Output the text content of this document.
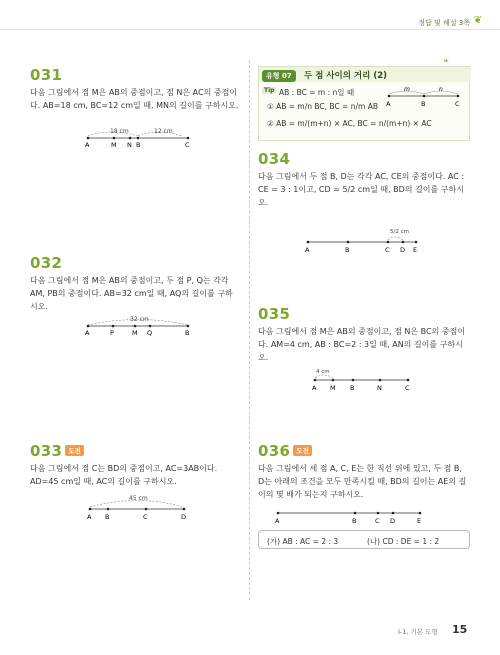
정답 및 해설 3쪽 ❦
031
다음 그림에서 점 M은 AB의 중점이고, 점 N은 AC의 중점이다. AB=18 cm, BC=12 cm일 때, MN의 길이를 구하시오.
18 cm	12 cm
A	M N B	C
032
다음 그림에서 점 M은 AB의 중점이고, 두 점 P, Q는 각각 AM, PB의 중점이다. AB=32 cm일 때, AQ의 길이를 구하시오.
32 cm
A	P	M Q	B
033 도전
다음 그림에서 점 C는 BD의 중점이고, AC=3AB이다. AD=45 cm일 때, AC의 길이를 구하시오.
45 cm
A B	C	D
❧
유형 07	두 점 사이의 거리 (2)
Tip AB : BC = m : n일 때
① AB = m/n BC, BC = n/m AB
② AB = m/(m+n) × AC, BC = n/(m+n) × AC
m	n
A	B	C
034
다음 그림에서 두 점 B, D는 각각 AC, CE의 중점이다. AC : CE = 3 : 1이고, CD = 5/2 cm일 때, BD의 길이를 구하시오.
5/2 cm
A	B	C D E
035
다음 그림에서 점 M은 AB의 중점이고, 점 N은 BC의 중점이다. AM=4 cm, AB : BC=2 : 3일 때, AN의 길이를 구하시오.
4 cm
A M B	N	C
036 도전
다음 그림에서 세 점 A, C, E는 한 직선 위에 있고, 두 점 B, D는 아래의 조건을 모두 만족시킬 때, BD의 길이는 AE의 길이의 몇 배가 되는지 구하시오.
A	B	C D	E
(가) AB : AC = 2 : 3	(나) CD : DE = 1 : 2
I-1. 기본 도형 15
